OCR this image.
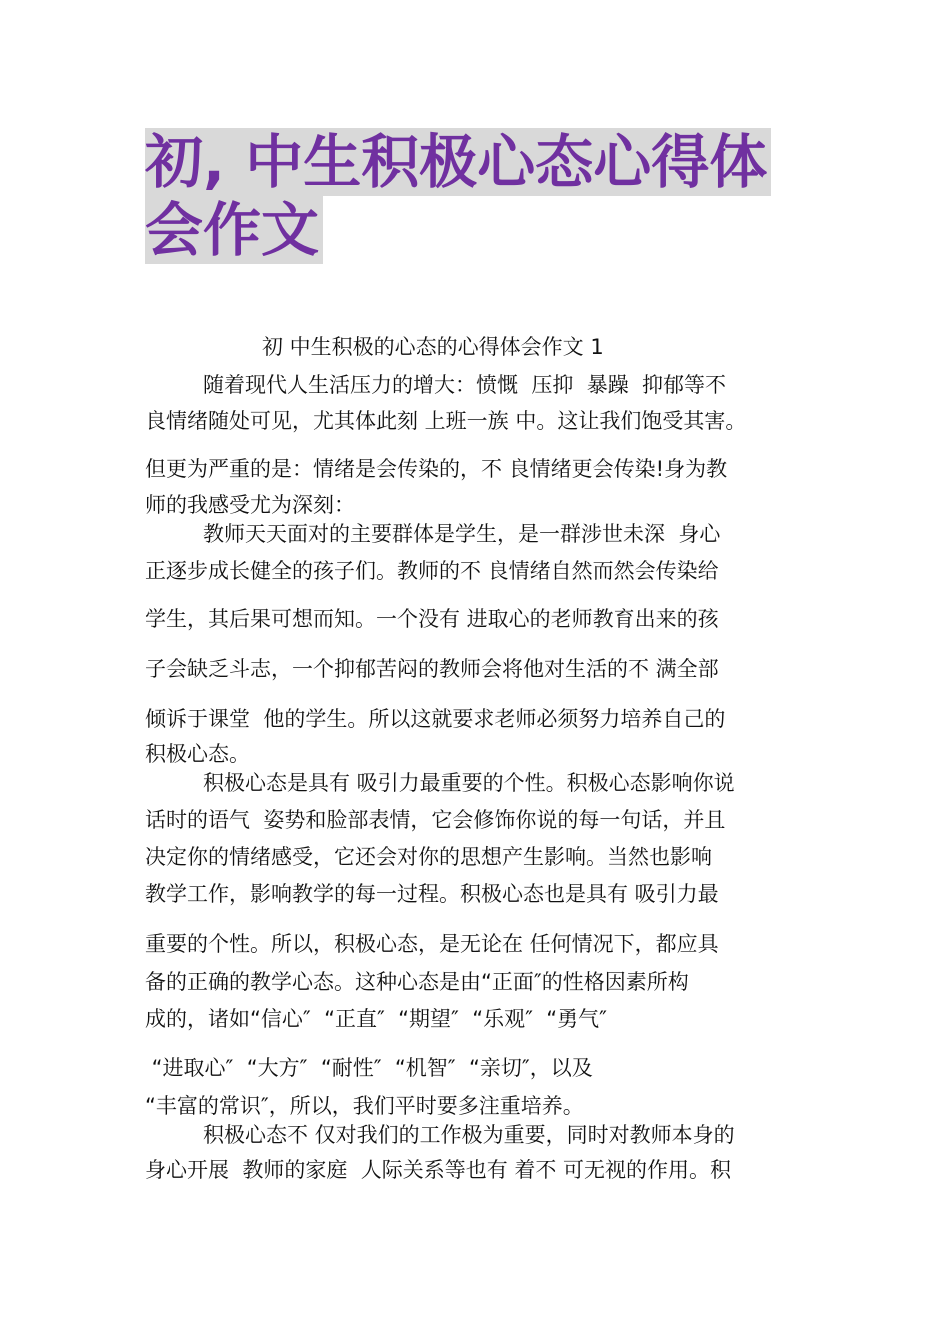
初, 中生积极心态心得体会作文

初 中生积极的心态的心得体会作文 1

随着现代人生活压力的增大：愤慨  压抑  暴躁  抑郁等不

良情绪随处可见，尤其体此刻 上班一族 中。这让我们饱受其害。

但更为严重的是：情绪是会传染的，不 良情绪更会传染!身为教

师的我感受尤为深刻：

教师天天面对的主要群体是学生，是一群涉世未深  身心

正逐步成长健全的孩子们。教师的不 良情绪自然而然会传染给

学生，其后果可想而知。一个没有 进取心的老师教育出来的孩

子会缺乏斗志，一个抑郁苦闷的教师会将他对生活的不 满全部

倾诉于课堂  他的学生。所以这就要求老师必须努力培养自己的

积极心态。

积极心态是具有 吸引力最重要的个性。积极心态影响你说

话时的语气  姿势和脸部表情，它会修饰你说的每一句话，并且

决定你的情绪感受，它还会对你的思想产生影响。当然也影响

教学工作，影响教学的每一过程。积极心态也是具有 吸引力最

重要的个性。所以，积极心态，是无论在 任何情况下，都应具

备的正确的教学心态。这种心态是由“正面″的性格因素所构

成的，诸如“信心″  “正直″  “期望″  “乐观″  “勇气″

“进取心″  “大方″  “耐性″  “机智″  “亲切″，以及

“丰富的常识″，所以，我们平时要多注重培养。

积极心态不 仅对我们的工作极为重要，同时对教师本身的

身心开展  教师的家庭  人际关系等也有 着不 可无视的作用。积
